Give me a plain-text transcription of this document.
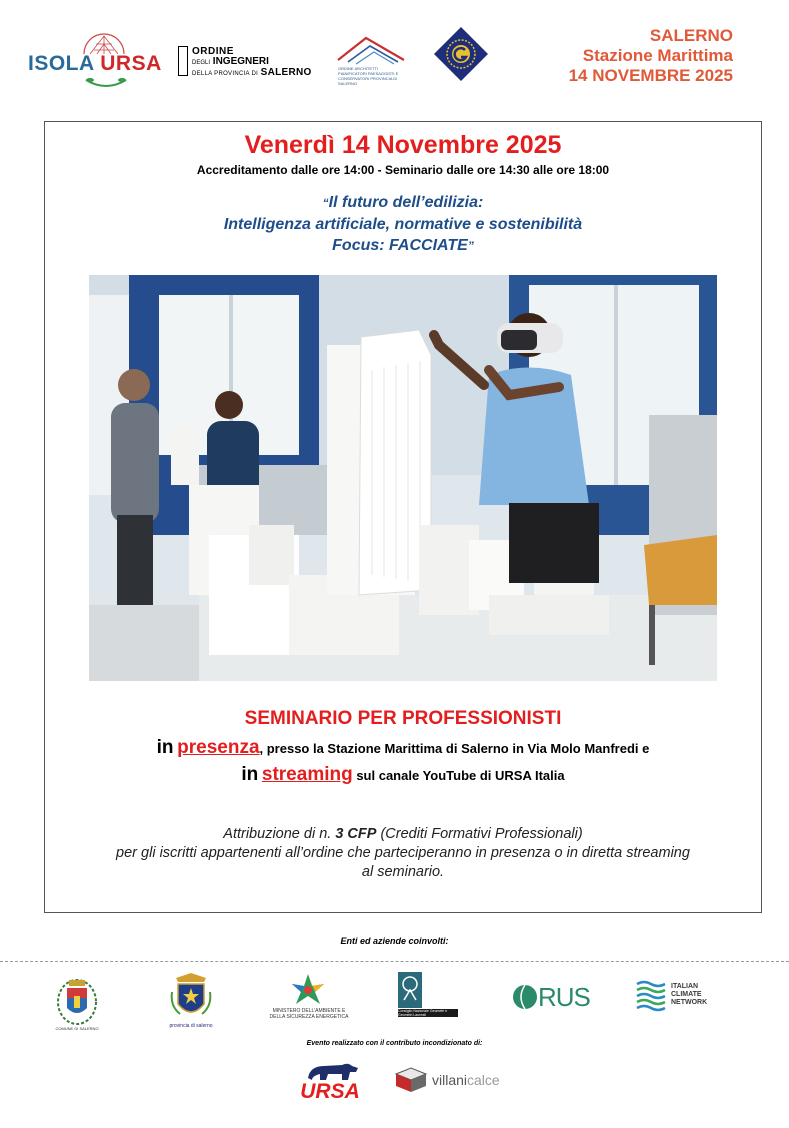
ISOLA URSA
ORDINE
DEGLI INGEGNERI
DELLA PROVINCIA DI SALERNO	ORDINE ARCHITETTI PIANIFICATORI PAESAGGISTI E CONSERVATORI PROVINCIA DI SALERNO
SALERNO
Stazione Marittima
14 NOVEMBRE 2025
Venerdì 14 Novembre 2025
Accreditamento dalle ore 14:00 - Seminario dalle ore 14:30 alle ore 18:00
“Il futuro dell’edilizia:
Intelligenza artificiale, normative e sostenibilità
Focus: FACCIATE”
SEMINARIO PER PROFESSIONISTI
in presenza, presso la Stazione Marittima di Salerno in Via Molo Manfredi e
in streaming sul canale YouTube di URSA Italia
Attribuzione di n. 3 CFP (Crediti Formativi Professionali)
per gli iscritti appartenenti all’ordine che parteciperanno in presenza o in diretta streaming
al seminario.
Enti ed aziende coinvolti:
COMUNE DI SALERNO	provincia di salerno
MINISTERO DELL’AMBIENTE E DELLA SICUREZZA ENERGETICA
Consiglio Nazionale Geometri e Geometri Laureati
RUS	ITALIAN
CLIMATE
NETWORK
Evento realizzato con il contributo incondizionato di:
URSA	villanicalce
